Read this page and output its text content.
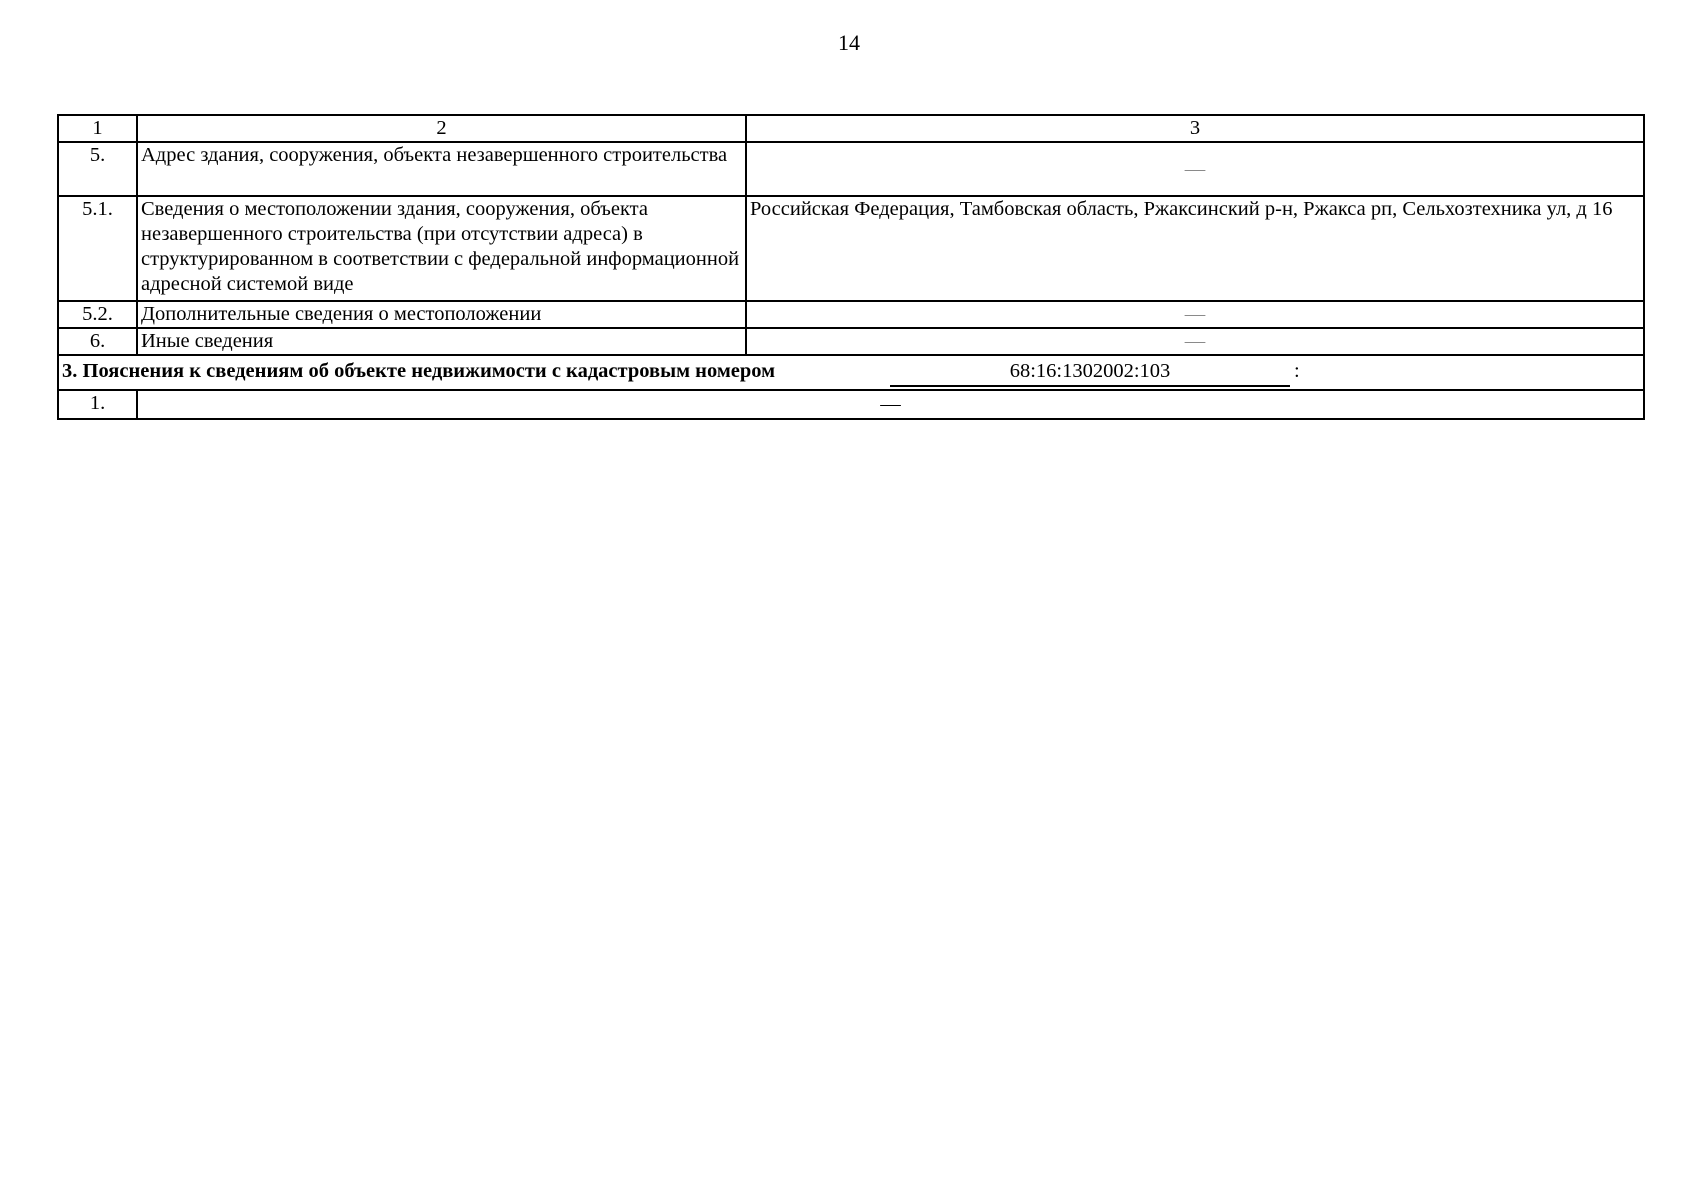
14
1	2	3
5.	Адрес здания, сооружения, объекта незавершенного строительства	—
5.1.	Сведения о местоположении здания, сооружения, объекта незавершенного строительства (при отсутствии адреса) в структурированном в соответствии с федеральной информационной адресной системой виде	Российская Федерация, Тамбовская область, Ржаксинский р-н, Ржакса рп, Сельхозтехника ул, д 16
5.2.	Дополнительные сведения о местоположении	—
6.	Иные сведения	—

3. Пояснения к сведениям об объекте недвижимости с кадастровым номером 68:16:1302002:103 :		

1.	—	
